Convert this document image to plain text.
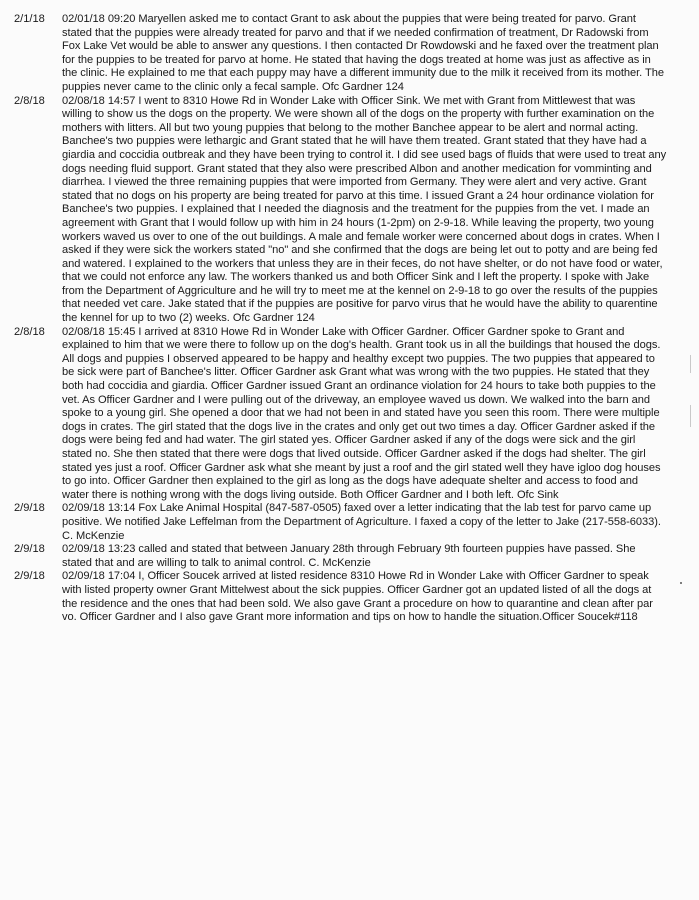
2/1/18	02/01/18 09:20 Maryellen asked me to contact Grant to ask about the puppies that were being treated for parvo. Grant stated that the puppies were already treated for parvo and that if we needed confirmation of treatment, Dr Radowski from Fox Lake Vet would be able to answer any questions. I then contacted Dr Rowdowski and he faxed over the treatment plan for the puppies to be treated for parvo at home. He stated that having the dogs treated at home was just as affective as in the clinic. He explained to me that each puppy may have a different immunity due to the milk it received from its mother. The puppies never came to the clinic only a fecal sample. Ofc Gardner 124
2/8/18	02/08/18 14:57 I went to 8310 Howe Rd in Wonder Lake with Officer Sink. We met with Grant from Mittlewest that was willing to show us the dogs on the property. We were shown all of the dogs on the property with further examination on the mothers with litters. All but two young puppies that belong to the mother Banchee appear to be alert and normal acting. Banchee's two puppies were lethargic and Grant stated that he will have them treated. Grant stated that they have had a giardia and coccidia outbreak and they have been trying to control it. I did see used bags of fluids that were used to treat any dogs needing fluid support. Grant stated that they also were prescribed Albon and another medication for vomminting and diarrhea. I viewed the three remaining puppies that were imported from Germany. They were alert and very active. Grant stated that no dogs on his property are being treated for parvo at this time. I issued Grant a 24 hour ordinance violation for Banchee's two puppies. I explained that I needed the diagnosis and the treatment for the puppies from the vet. I made an agreement with Grant that I would follow up with him in 24 hours (1-2pm) on 2-9-18. While leaving the property, two young workers waved us over to one of the out buildings. A male and female worker were concerned about dogs in crates. When I asked if they were sick the workers stated "no" and she confirmed that the dogs are being let out to potty and are being fed and watered. I explained to the workers that unless they are in their feces, do not have shelter, or do not have food or water, that we could not enforce any law. The workers thanked us and both Officer Sink and I left the property. I spoke with Jake from the Department of Aggriculture and he will try to meet me at the kennel on 2-9-18 to go over the results of the puppies that needed vet care. Jake stated that if the puppies are positive for parvo virus that he would have the ability to quarentine the kennel for up to two (2) weeks. Ofc Gardner 124
2/8/18	02/08/18 15:45 I arrived at 8310 Howe Rd in Wonder Lake with Officer Gardner. Officer Gardner spoke to Grant and explained to him that we were there to follow up on the dog's health. Grant took us in all the buildings that housed the dogs. All dogs and puppies I observed appeared to be happy and healthy except two puppies. The two puppies that appeared to be sick were part of Banchee's litter. Officer Gardner ask Grant what was wrong with the two puppies. He stated that they both had coccidia and giardia. Officer Gardner issued Grant an ordinance violation for 24 hours to take both puppies to the vet. As Officer Gardner and I were pulling out of the driveway, an employee waved us down. We walked into the barn and spoke to a young girl. She opened a door that we had not been in and stated have you seen this room. There were multiple dogs in crates. The girl stated that the dogs live in the crates and only get out two times a day. Officer Gardner asked if the dogs were being fed and had water. The girl stated yes. Officer Gardner asked if any of the dogs were sick and the girl stated no. She then stated that there were dogs that lived outside. Officer Gardner asked if the dogs had shelter. The girl stated yes just a roof. Officer Gardner ask what she meant by just a roof and the girl stated well they have igloo dog houses to go into. Officer Gardner then explained to the girl as long as the dogs have adequate shelter and access to food and water there is nothing wrong with the dogs living outside. Both Officer Gardner and I both left. Ofc Sink
2/9/18	02/09/18 13:14 Fox Lake Animal Hospital (847-587-0505) faxed over a letter indicating that the lab test for parvo came up positive. We notified Jake Leffelman from the Department of Agriculture. I faxed a copy of the letter to Jake (217-558-6033). C. McKenzie
2/9/18	02/09/18 13:23 called and stated that between January 28th through February 9th fourteen puppies have passed. She stated that and are willing to talk to animal control. C. McKenzie
2/9/18	02/09/18 17:04 I, Officer Soucek arrived at listed residence 8310 Howe Rd in Wonder Lake with Officer Gardner to speak with listed property owner Grant Mittelwest about the sick puppies. Officer Gardner got an updated listed of all the dogs at the residence and the ones that had been sold. We also gave Grant a procedure on how to quarantine and clean after par vo. Officer Gardner and I also gave Grant more information and tips on how to handle the situation.Officer Soucek#118
